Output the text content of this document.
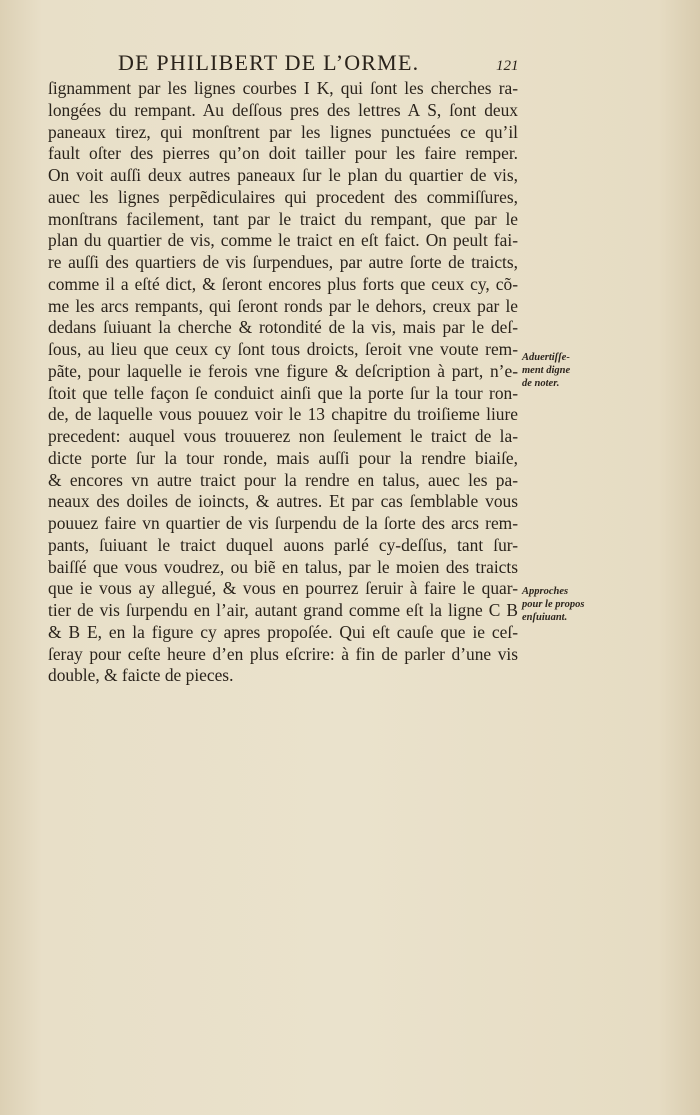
DE PHILIBERT DE L’ORME.	121
ſignamment par les lignes courbes I K, qui ſont les cherches ra-
longées du rempant. Au deſſous pres des lettres A S, ſont deux
paneaux tirez, qui monſtrent par les lignes punctuées ce qu’il
fault oſter des pierres qu’on doit tailler pour les faire remper.
On voit auſſi deux autres paneaux ſur le plan du quartier de vis,
auec les lignes perpẽdiculaires qui procedent des commiſſures,
monſtrans facilement, tant par le traict du rempant, que par le
plan du quartier de vis, comme le traict en eſt faict. On peult fai-
re auſſi des quartiers de vis ſurpendues, par autre ſorte de traicts,
comme il a eſté dict, & ſeront encores plus forts que ceux cy, cõ-
me les arcs rempants, qui ſeront ronds par le dehors, creux par le
dedans ſuiuant la cherche & rotondité de la vis, mais par le deſ-
ſous, au lieu que ceux cy ſont tous droicts, ſeroit vne voute rem-
pãte, pour laquelle ie ferois vne figure & deſcription à part, n’e-
ſtoit que telle façon ſe conduict ainſi que la porte ſur la tour ron-
de, de laquelle vous pouuez voir le 13 chapitre du troiſieme liure
precedent: auquel vous trouuerez non ſeulement le traict de la-
dicte porte ſur la tour ronde, mais auſſi pour la rendre biaiſe,
& encores vn autre traict pour la rendre en talus, auec les pa-
neaux des doiles de ioincts, & autres. Et par cas ſemblable vous
pouuez faire vn quartier de vis ſurpendu de la ſorte des arcs rem-
pants, ſuiuant le traict duquel auons parlé cy-deſſus, tant ſur-
baiſſé que vous voudrez, ou biẽ en talus, par le moien des traicts
que ie vous ay allegué, & vous en pourrez ſeruir à faire le quar-
tier de vis ſurpendu en l’air, autant grand comme eſt la ligne C B
& B E, en la figure cy apres propoſée. Qui eſt cauſe que ie ceſ-
ſeray pour ceſte heure d’en plus eſcrire: à fin de parler d’une vis
double, & faicte de pieces.
Aduertiſſe-
ment digne
de noter.
Approches
pour le propos
enſuiuant.
